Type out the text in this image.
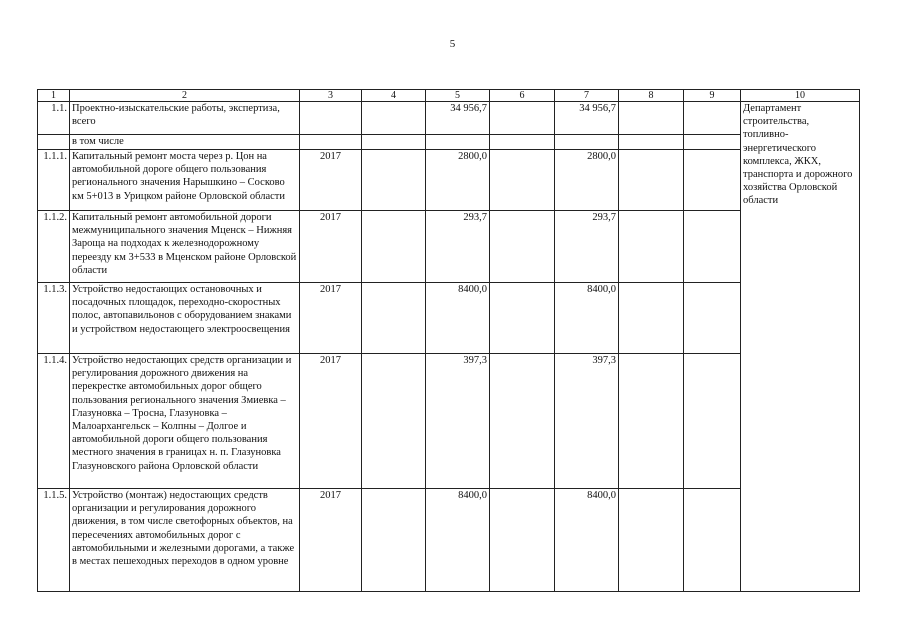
5
1	2	3	4	5	6	7	8	9	10
1.1.	Проектно-изыскательские работы, экспертиза, всего			34 956,7		34 956,7			Департамент строительства, топливно-энергетического комплекса, ЖКХ, транспорта и дорожного хозяйства Орловской области
	в том числе								
1.1.1.	Капитальный ремонт моста через р. Цон на автомобильной дороге общего пользования регионального значения Нарышкино – Сосково км 5+013 в Урицком районе Орловской области	2017		2800,0		2800,0			
1.1.2.	Капитальный ремонт автомобильной дороги межмуниципального значения Мценск – Нижняя Зароща на подходах к железнодорожному переезду км 3+533 в Мценском районе Орловской области	2017		293,7		293,7			
1.1.3.	Устройство недостающих остановочных и посадочных площадок, переходно-скоростных полос, автопавильонов с оборудованием знаками и устройством недостающего электроосвещения	2017		8400,0		8400,0			
1.1.4.	Устройство недостающих средств организации и регулирования дорожного движения на перекрестке автомобильных дорог общего пользования регионального значения Змиевка – Глазуновка – Тросна, Глазуновка – Малоархангельск – Колпны – Долгое и автомобильной дороги общего пользования местного значения в границах н. п. Глазуновка Глазуновского района Орловской области	2017		397,3		397,3			
1.1.5.	Устройство (монтаж) недостающих средств организации и регулирования дорожного движения, в том числе светофорных объектов, на пересечениях автомобильных дорог с автомобильными и железными дорогами, а также в местах пешеходных переходов в одном уровне	2017		8400,0		8400,0			
